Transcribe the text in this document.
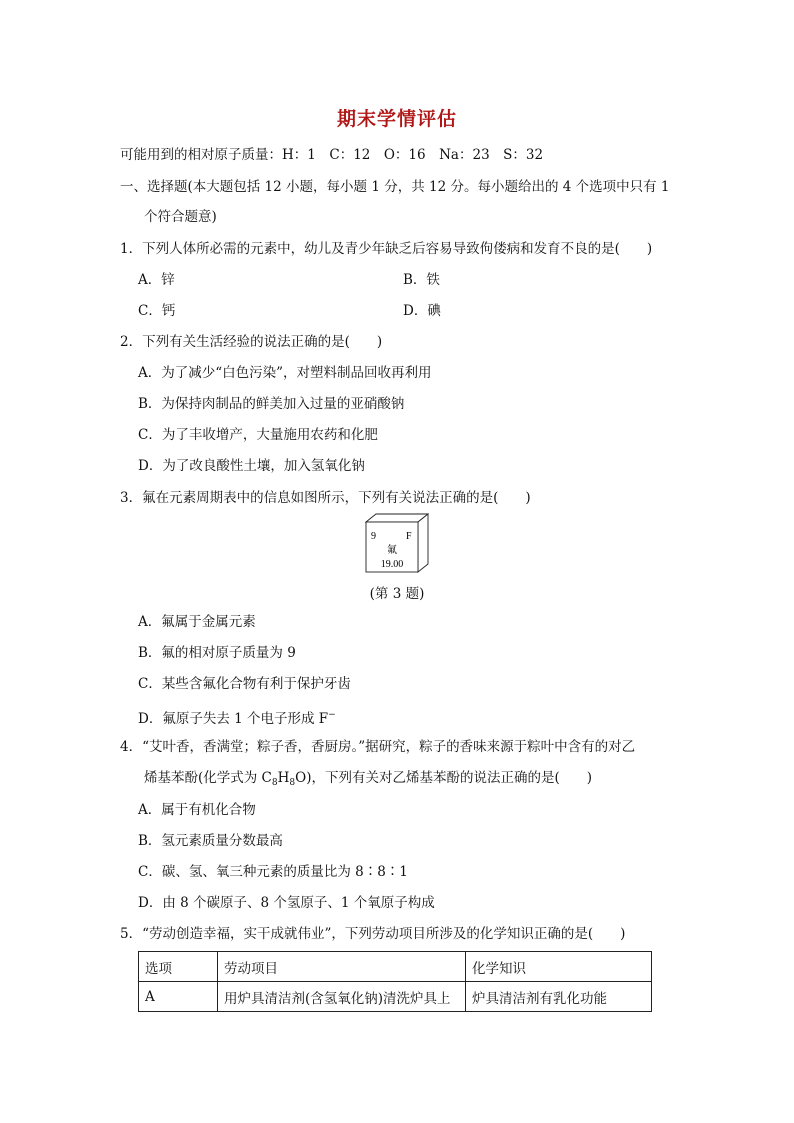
期末学情评估
可能用到的相对原子质量：H：1　C：12　O：16　Na：23　S：32
一、选择题(本大题包括 12 小题，每小题 1 分，共 12 分。每小题给出的 4 个选项中只有 1
个符合题意)
1．下列人体所必需的元素中，幼儿及青少年缺乏后容易导致佝偻病和发育不良的是(　　)
A．锌	B．铁
C．钙	D．碘
2．下列有关生活经验的说法正确的是(　　)
A．为了减少“白色污染”，对塑料制品回收再利用
B．为保持肉制品的鲜美加入过量的亚硝酸钠
C．为了丰收增产，大量施用农药和化肥
D．为了改良酸性土壤，加入氢氧化钠
3．氟在元素周期表中的信息如图所示，下列有关说法正确的是(　　)
9	F
氟
19.00
(第 3 题)
A．氟属于金属元素
B．氟的相对原子质量为 9
C．某些含氟化合物有利于保护牙齿
D．氟原子失去 1 个电子形成 F−
4．“艾叶香，香满堂；粽子香，香厨房。”据研究，粽子的香味来源于粽叶中含有的对乙
烯基苯酚(化学式为 $C_8H_8O$)，下列有关对乙烯基苯酚的说法正确的是(　　)
A．属于有机化合物
B．氢元素质量分数最高
C．碳、氢、氧三种元素的质量比为 8∶8∶1
D．由 8 个碳原子、8 个氢原子、1 个氧原子构成
5．“劳动创造幸福，实干成就伟业”，下列劳动项目所涉及的化学知识正确的是(　　)
选项	劳动项目	化学知识
A	用炉具清洁剂(含氢氧化钠)清洗炉具上	炉具清洁剂有乳化功能
